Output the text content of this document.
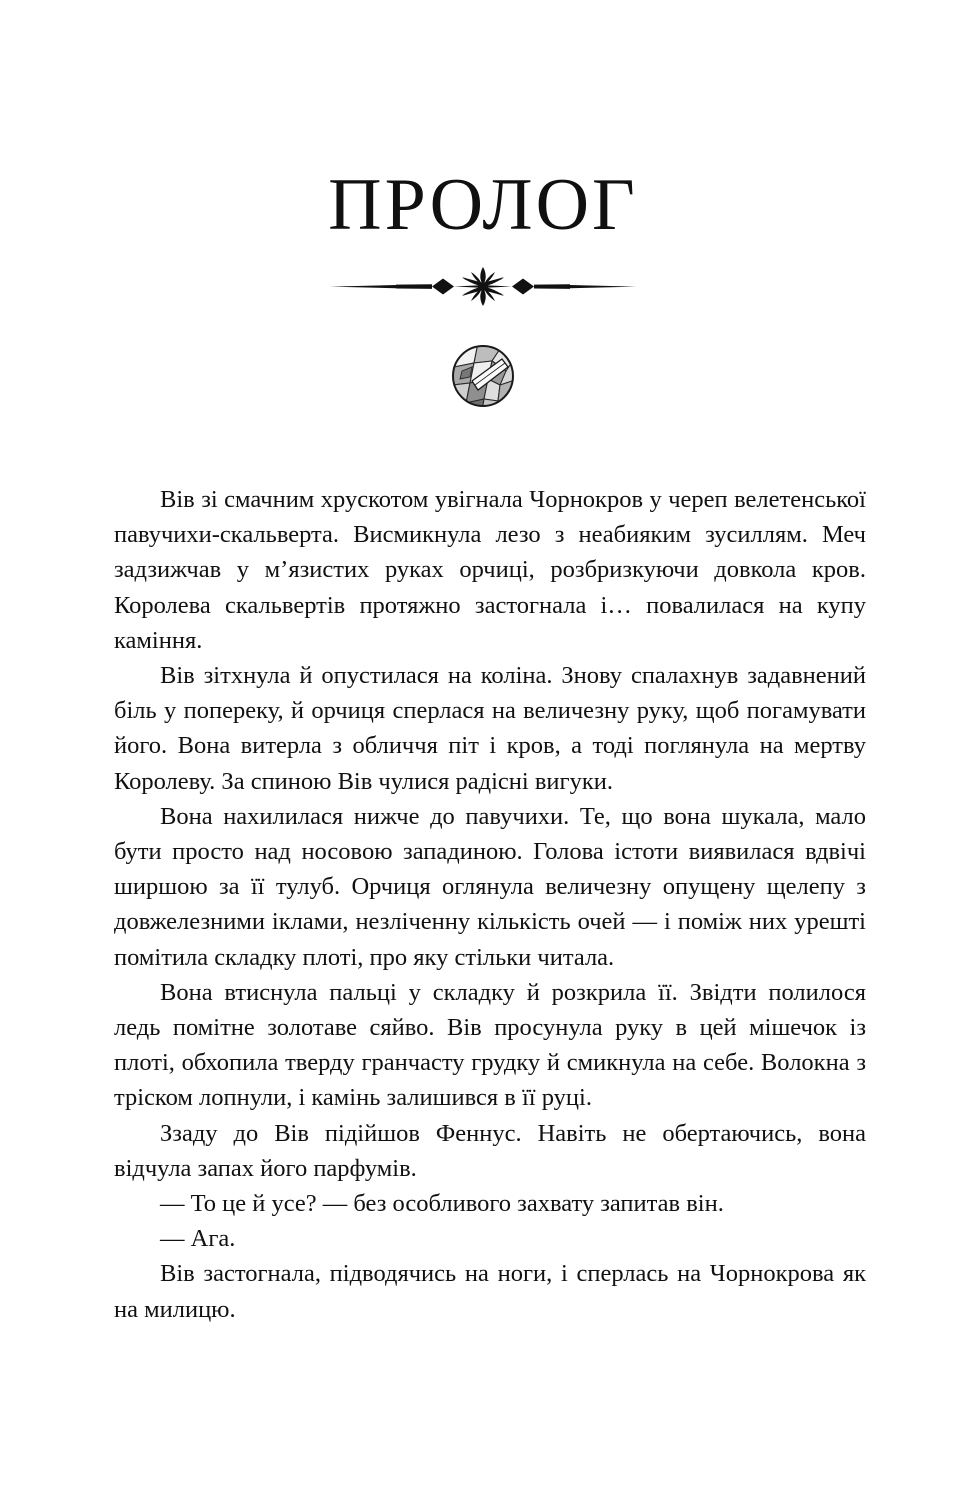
ПРОЛОГ

Вів зі смачним хрускотом увігнала Чорнокров у череп велетенської павучихи-скальверта. Висмикнула лезо з неабияким зусиллям. Меч задзижчав у м’язистих руках орчиці, розбризкуючи довкола кров. Королева скальвертів протяжно застогнала і… повалилася на купу каміння.

Вів зітхнула й опустилася на коліна. Знову спалахнув задавнений біль у попереку, й орчиця сперлася на величезну руку, щоб погамувати його. Вона витерла з обличчя піт і кров, а тоді поглянула на мертву Королеву. За спиною Вів чулися радісні вигуки.

Вона нахилилася нижче до павучихи. Те, що вона шукала, мало бути просто над носовою западиною. Голова істоти виявилася вдвічі ширшою за її тулуб. Орчиця оглянула величезну опущену щелепу з довжелезними іклами, незліченну кількість очей — і поміж них урешті помітила складку плоті, про яку стільки читала.

Вона втиснула пальці у складку й розкрила її. Звідти полилося ледь помітне золотаве сяйво. Вів просунула руку в цей мішечок із плоті, обхопила тверду гранчасту грудку й смикнула на себе. Волокна з тріском лопнули, і камінь залишився в її руці.

Ззаду до Вів підійшов Феннус. Навіть не обертаючись, вона відчула запах його парфумів.

— То це й усе? — без особливого захвату запитав він.

— Ага.

Вів застогнала, підводячись на ноги, і сперлась на Чорнокрова як на милицю.
